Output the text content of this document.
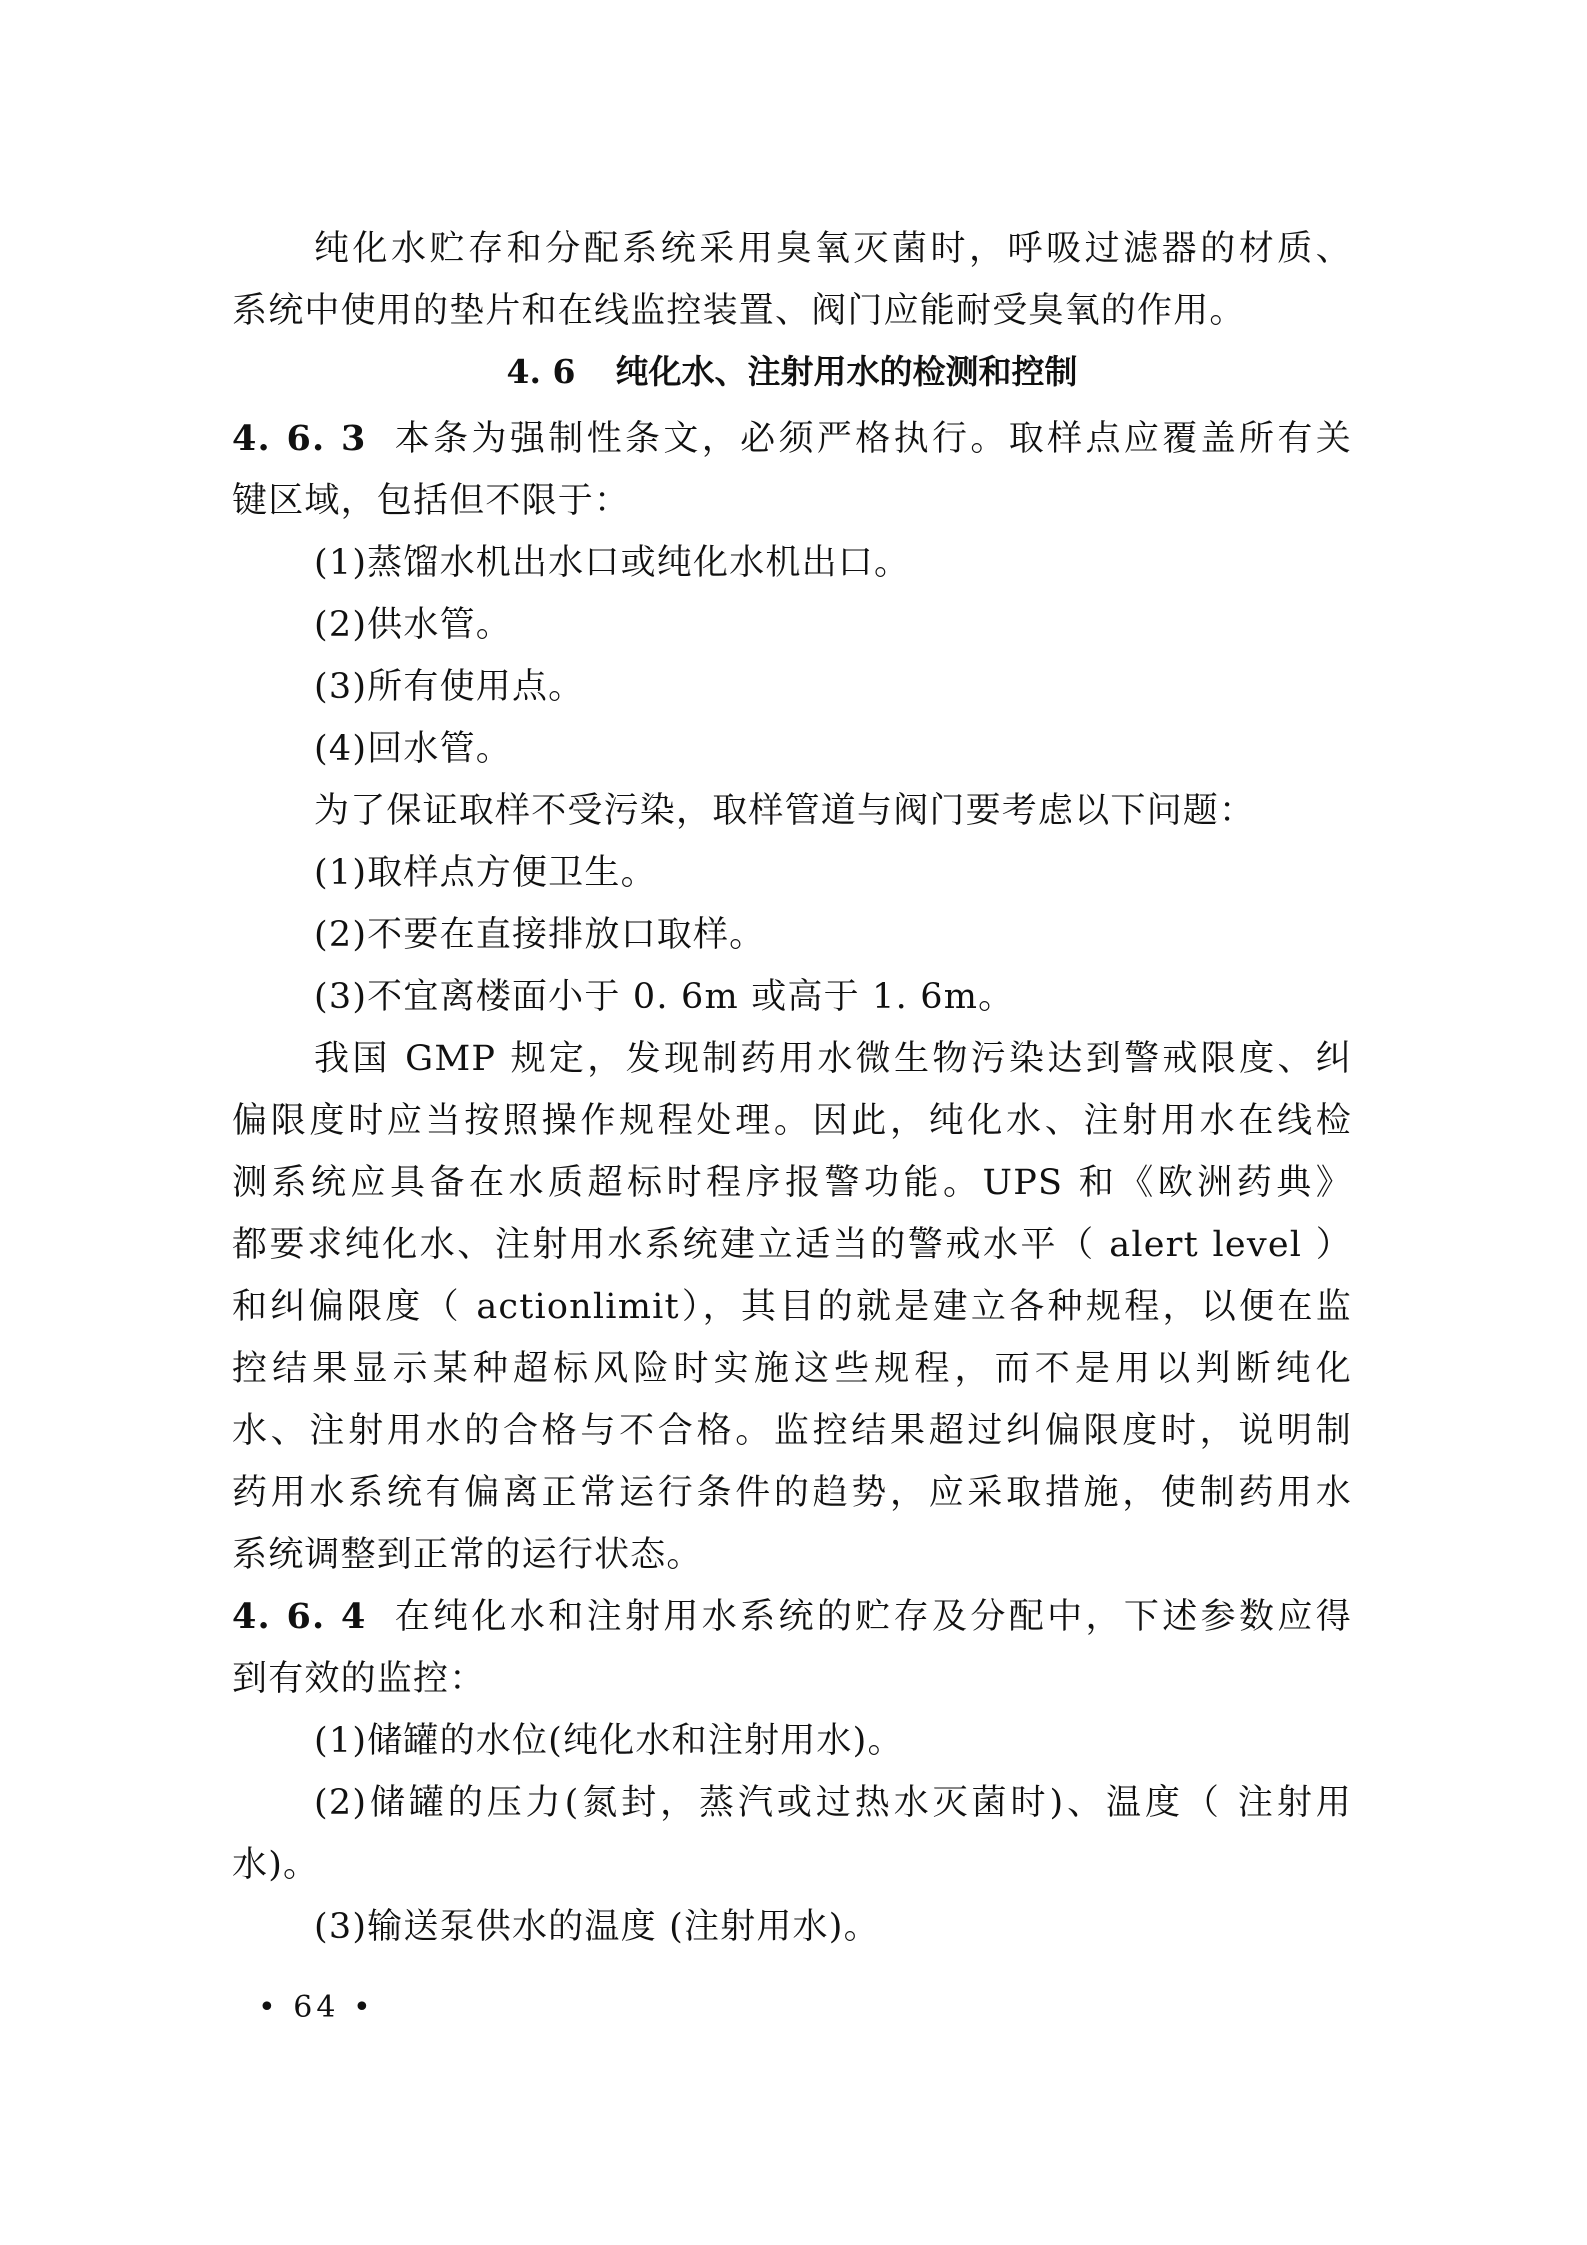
纯化水贮存和分配系统采用臭氧灭菌时，呼吸过滤器的材质、
系统中使用的垫片和在线监控装置、阀门应能耐受臭氧的作用。
4. 6 纯化水、注射用水的检测和控制
4. 6. 3 本条为强制性条文，必须严格执行。取样点应覆盖所有关
键区域，包括但不限于：
(1)蒸馏水机出水口或纯化水机出口。
(2)供水管。
(3)所有使用点。
(4)回水管。
为了保证取样不受污染，取样管道与阀门要考虑以下问题：
(1)取样点方便卫生。
(2)不要在直接排放口取样。
(3)不宜离楼面小于 0. 6m 或高于 1. 6m。
我国 GMP 规定，发现制药用水微生物污染达到警戒限度、纠
偏限度时应当按照操作规程处理。因此，纯化水、注射用水在线检
测系统应具备在水质超标时程序报警功能。UPS 和《欧洲药典》
都要求纯化水、注射用水系统建立适当的警戒水平（ alert level ）
和纠偏限度（ actionlimit），其目的就是建立各种规程，以便在监
控结果显示某种超标风险时实施这些规程，而不是用以判断纯化
水、注射用水的合格与不合格。监控结果超过纠偏限度时，说明制
药用水系统有偏离正常运行条件的趋势，应采取措施，使制药用水
系统调整到正常的运行状态。
4. 6. 4 在纯化水和注射用水系统的贮存及分配中，下述参数应得
到有效的监控：
(1)储罐的水位(纯化水和注射用水)。
(2)储罐的压力(氮封，蒸汽或过热水灭菌时)、温度（ 注射用
水)。
(3)输送泵供水的温度 (注射用水)。
• 64 •
